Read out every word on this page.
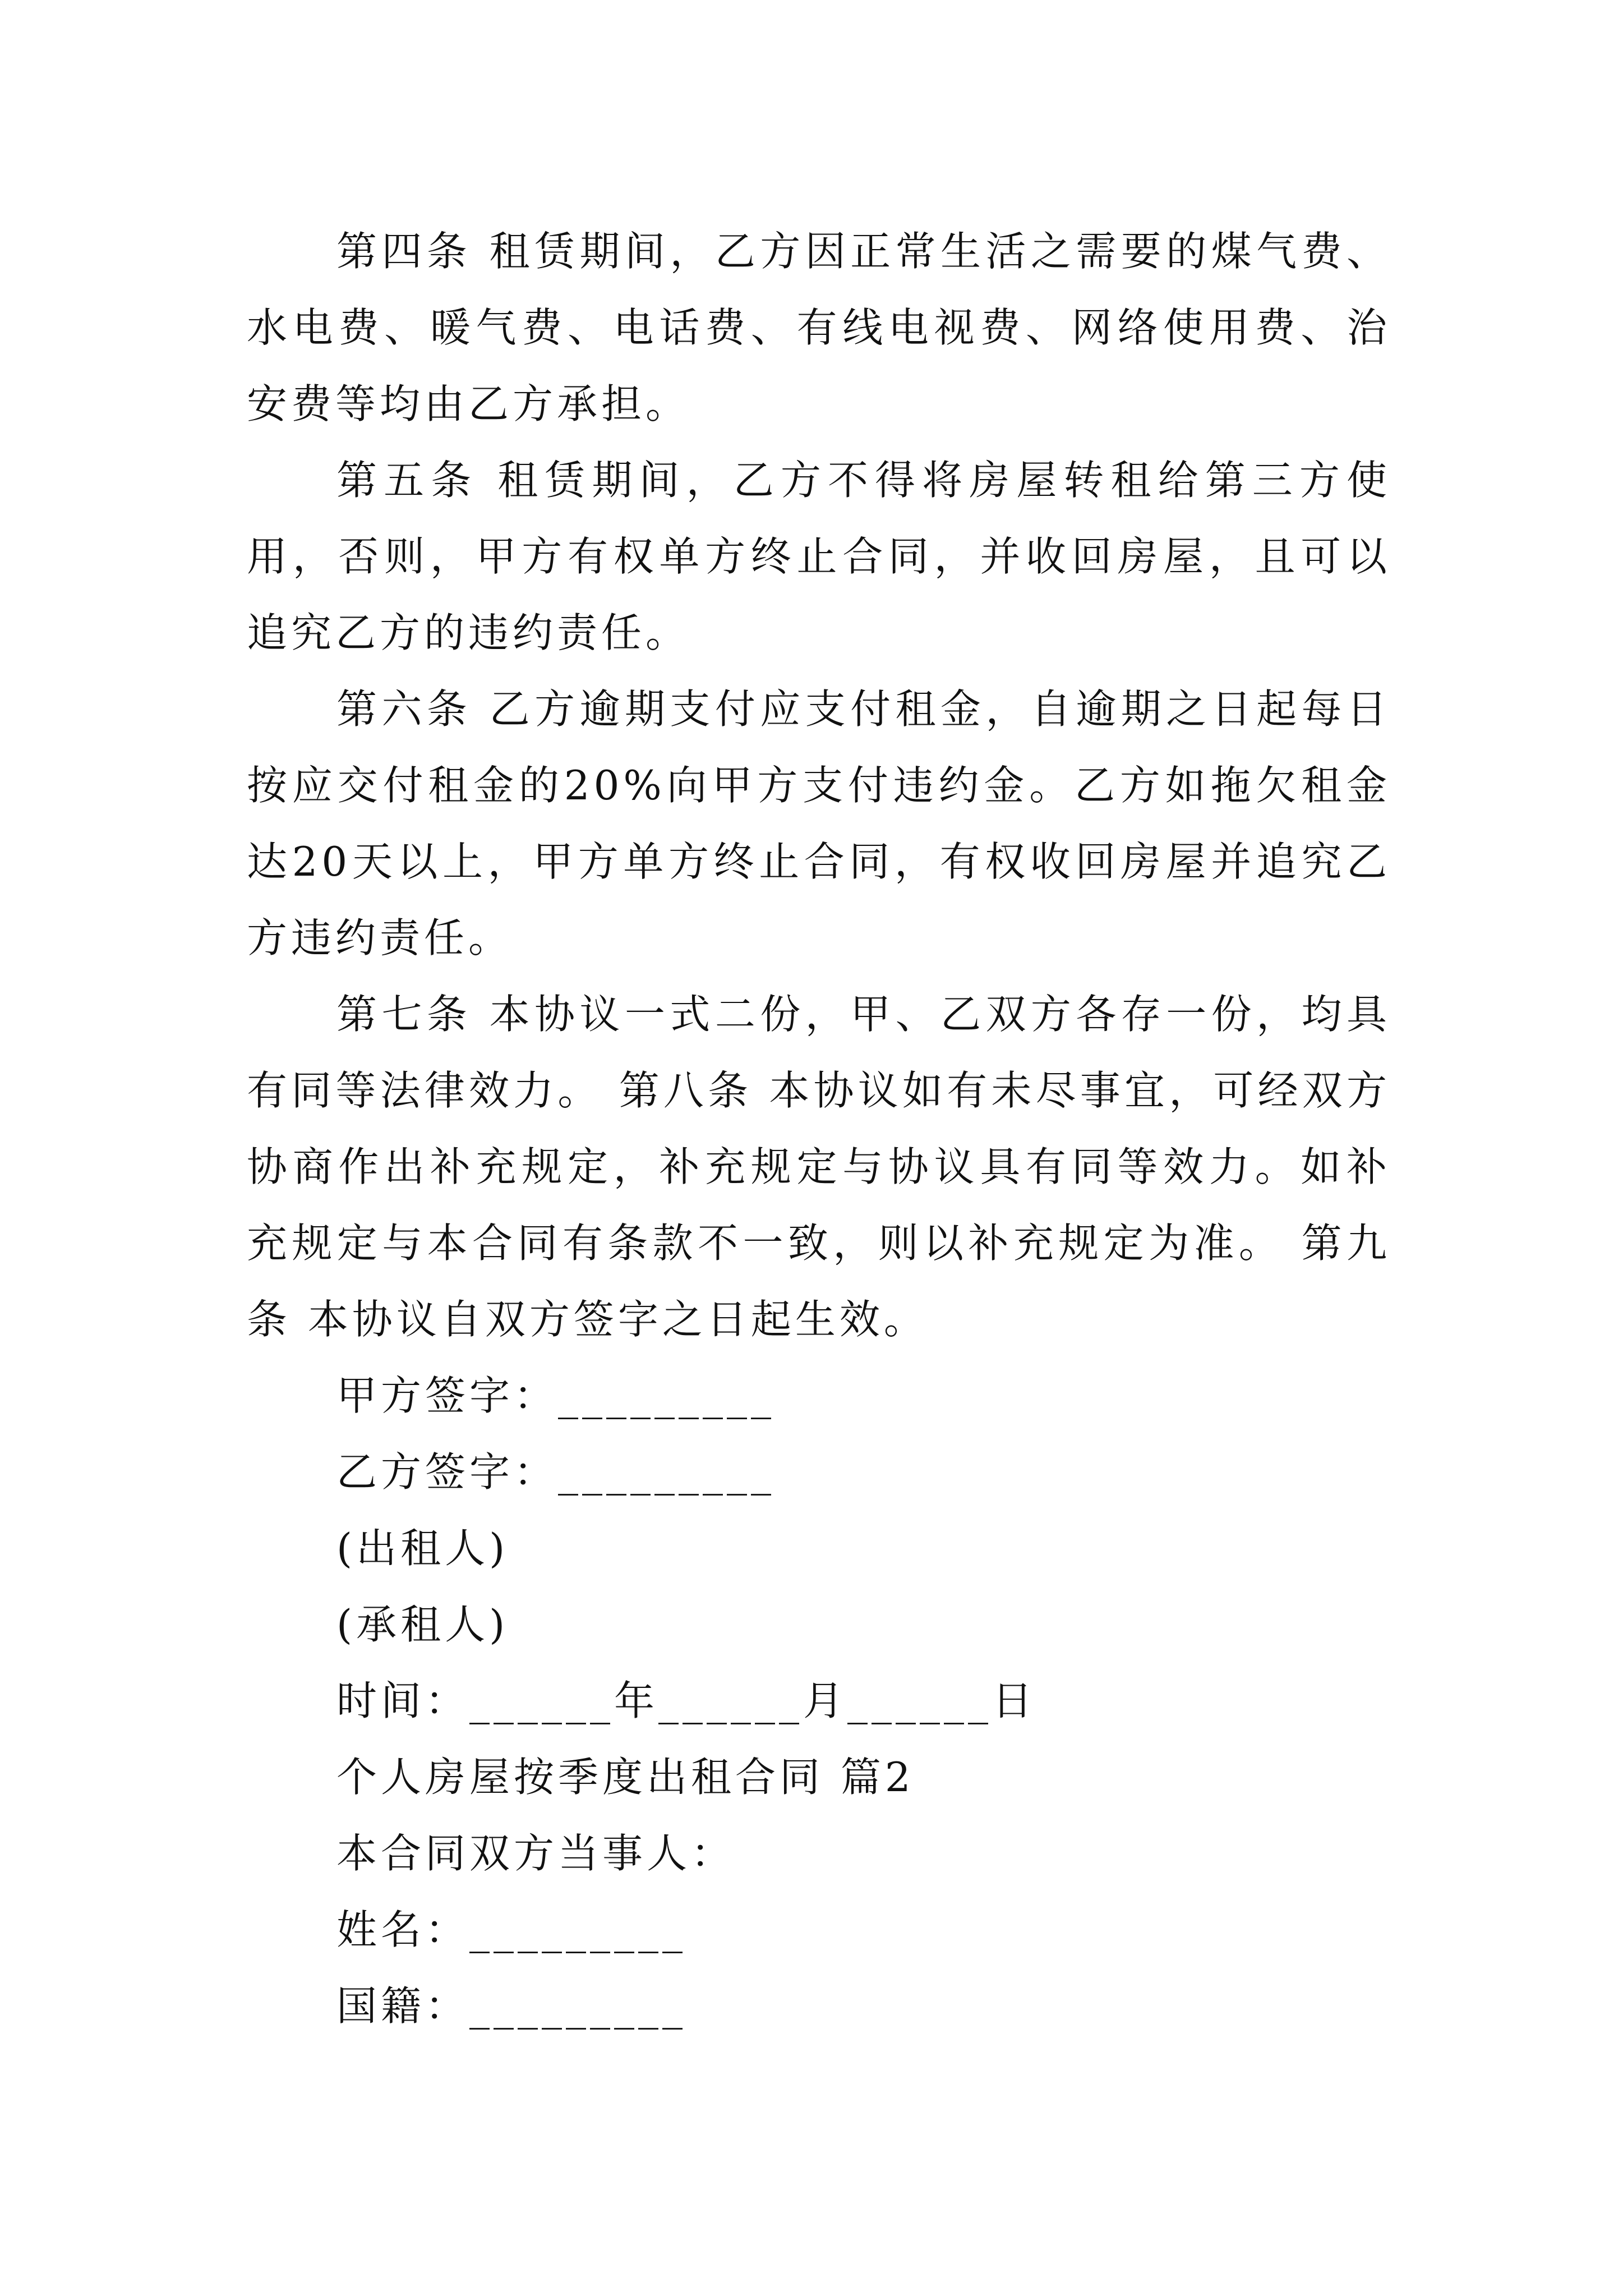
第四条 租赁期间，乙方因正常生活之需要的煤气费、水电费、暖气费、电话费、有线电视费、网络使用费、治安费等均由乙方承担。

第五条 租赁期间，乙方不得将房屋转租给第三方使用，否则，甲方有权单方终止合同，并收回房屋，且可以追究乙方的违约责任。

第六条 乙方逾期支付应支付租金，自逾期之日起每日按应交付租金的20%向甲方支付违约金。乙方如拖欠租金达20天以上，甲方单方终止合同，有权收回房屋并追究乙方违约责任。

第七条 本协议一式二份，甲、乙双方各存一份，均具有同等法律效力。 第八条 本协议如有未尽事宜，可经双方协商作出补充规定，补充规定与协议具有同等效力。如补充规定与本合同有条款不一致，则以补充规定为准。 第九条 本协议自双方签字之日起生效。

甲方签字：_________

乙方签字：_________

(出租人)

(承租人)

时间：______年______月______日

个人房屋按季度出租合同 篇2

本合同双方当事人：

姓名：_________

国籍：_________
